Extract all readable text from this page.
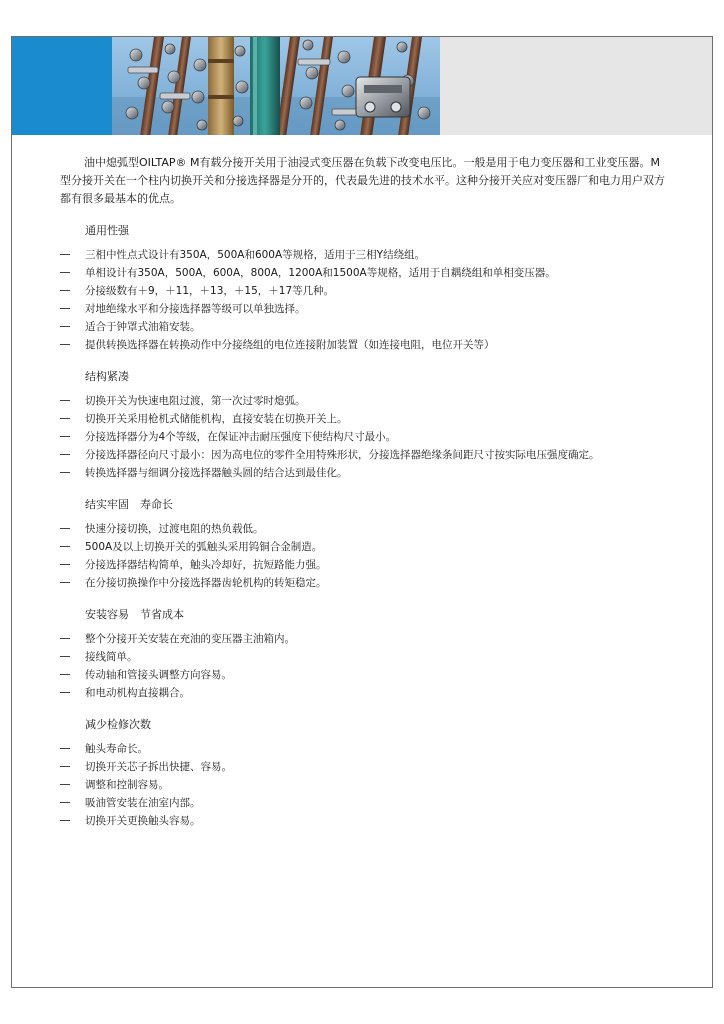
油中熄弧型OILTAP® M有载分接开关用于油浸式变压器在负载下改变电压比。一般是用于电力变压器和工业变压器。M型分接开关在一个柱内切换开关和分接选择器是分开的，代表最先进的技术水平。这种分接开关应对变压器厂和电力用户双方都有很多最基本的优点。

通用性强
三相中性点式设计有350A，500A和600A等规格，适用于三相Y结绕组。
单相设计有350A，500A，600A，800A，1200A和1500A等规格，适用于自耦绕组和单相变压器。
分接级数有＋9，＋11，＋13，＋15，＋17等几种。
对地绝缘水平和分接选择器等级可以单独选择。
适合于钟罩式油箱安装。
提供转换选择器在转换动作中分接绕组的电位连接附加装置（如连接电阻，电位开关等）
结构紧凑
切换开关为快速电阻过渡，第一次过零时熄弧。
切换开关采用枪机式储能机构，直接安装在切换开关上。
分接选择器分为4个等级，在保证冲击耐压强度下使结构尺寸最小。
分接选择器径向尺寸最小：因为高电位的零件全用特殊形状，分接选择器绝缘条间距尺寸按实际电压强度确定。
转换选择器与细调分接选择器触头圆的结合达到最佳化。
结实牢固　寿命长
快速分接切换，过渡电阻的热负载低。
500A及以上切换开关的弧触头采用钨铜合金制造。
分接选择器结构简单，触头冷却好，抗短路能力强。
在分接切换操作中分接选择器齿轮机构的转矩稳定。
安装容易　节省成本
整个分接开关安装在充油的变压器主油箱内。
接线简单。
传动轴和管接头调整方向容易。
和电动机构直接耦合。
减少检修次数
触头寿命长。
切换开关芯子拆出快捷、容易。
调整和控制容易。
吸油管安装在油室内部。
切换开关更换触头容易。
